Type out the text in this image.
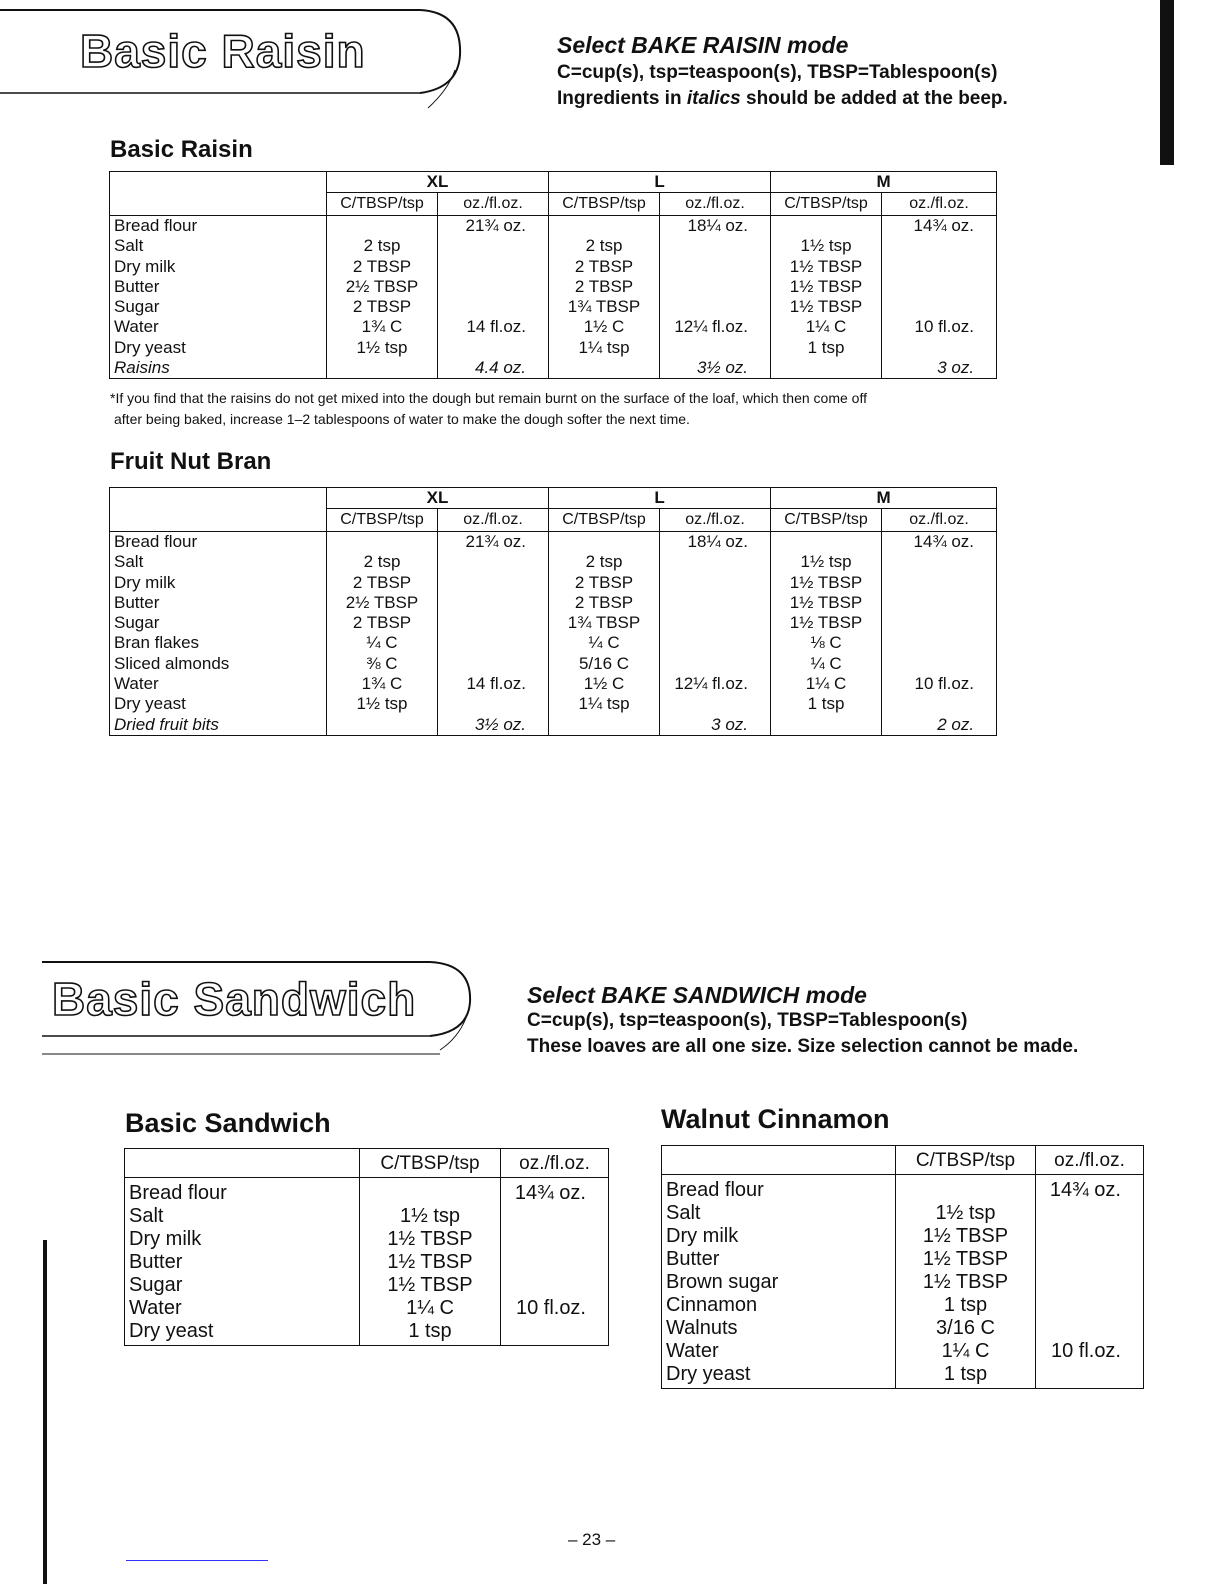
Basic Raisin	Select BAKE RAISIN mode
C=cup(s), tsp=teaspoon(s), TBSP=Tablespoon(s)
Ingredients in italics should be added at the beep.
Basic Raisin
	XL		L		M	
	C/TBSP/tsp	oz./fl.oz.	C/TBSP/tsp	oz./fl.oz.	C/TBSP/tsp	oz./fl.oz.
Bread flour		21¾ oz.		18¼ oz.		14¾ oz.
Salt	2 tsp		2 tsp		1½ tsp	
Dry milk	2 TBSP		2 TBSP		1½ TBSP	
Butter	2½ TBSP		2 TBSP		1½ TBSP	
Sugar	2 TBSP		1¾ TBSP		1½ TBSP	
Water	1¾ C	14 fl.oz.	1½ C	12¼ fl.oz.	1¼ C	10 fl.oz.
Dry yeast	1½ tsp		1¼ tsp		1 tsp	
Raisins		4.4 oz.		3½ oz.		3 oz.
*If you find that the raisins do not get mixed into the dough but remain burnt on the surface of the loaf, which then come off
after being baked, increase 1–2 tablespoons of water to make the dough softer the next time.
Fruit Nut Bran
	XL		L		M	
	C/TBSP/tsp	oz./fl.oz.	C/TBSP/tsp	oz./fl.oz.	C/TBSP/tsp	oz./fl.oz.
Bread flour		21¾ oz.		18¼ oz.		14¾ oz.
Salt	2 tsp		2 tsp		1½ tsp	
Dry milk	2 TBSP		2 TBSP		1½ TBSP	
Butter	2½ TBSP		2 TBSP		1½ TBSP	
Sugar	2 TBSP		1¾ TBSP		1½ TBSP	
Bran flakes	¼ C		¼ C		⅛ C	
Sliced almonds	⅜ C		5/16 C		¼ C	
Water	1¾ C	14 fl.oz.	1½ C	12¼ fl.oz.	1¼ C	10 fl.oz.
Dry yeast	1½ tsp		1¼ tsp		1 tsp	
Dried fruit bits		3½ oz.		3 oz.		2 oz.
Basic Sandwich	Select BAKE SANDWICH mode
C=cup(s), tsp=teaspoon(s), TBSP=Tablespoon(s)
These loaves are all one size. Size selection cannot be made.
Basic Sandwich
	C/TBSP/tsp	oz./fl.oz.
Bread flour		14¾ oz.
Salt	1½ tsp	
Dry milk	1½ TBSP	
Butter	1½ TBSP	
Sugar	1½ TBSP	
Water	1¼ C	10 fl.oz.
Dry yeast	1 tsp	
Walnut Cinnamon
	C/TBSP/tsp	oz./fl.oz.
Bread flour		14¾ oz.
Salt	1½ tsp	
Dry milk	1½ TBSP	
Butter	1½ TBSP	
Brown sugar	1½ TBSP	
Cinnamon	1 tsp	
Walnuts	3/16 C	
Water	1¼ C	10 fl.oz.
Dry yeast	1 tsp	
– 23 –
